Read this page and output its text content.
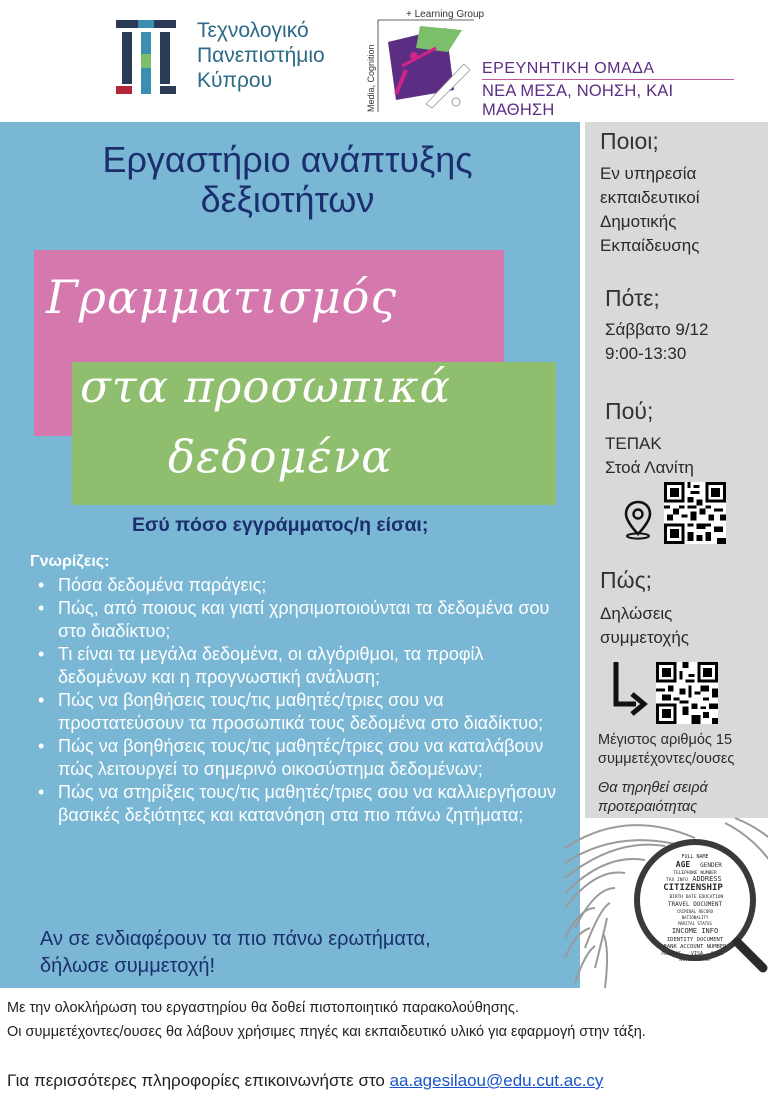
Τεχνολογικό
Πανεπιστήμιο
Κύπρου
+ Learning Group
Media, Cognition	ΕΡΕΥΝΗΤΙΚΗ ΟΜΑΔΑ
ΝΕΑ ΜΕΣΑ, ΝΟΗΣΗ, ΚΑΙ ΜΑΘΗΣΗ
Εργαστήριο ανάπτυξης
δεξιοτήτων
Γραμματισμός
στα προσωπικά
δεδομένα
Εσύ πόσο εγγράμματος/η είσαι;
Γνωρίζεις:
• Πόσα δεδομένα παράγεις;
• Πώς, από ποιους και γιατί χρησιμοποιούνται τα δεδομένα σου στο διαδίκτυο;
• Τι είναι τα μεγάλα δεδομένα, οι αλγόριθμοι, τα προφίλ δεδομένων και η προγνωστική ανάλυση;
• Πώς να βοηθήσεις τους/τις μαθητές/τριες σου να προστατεύσουν τα προσωπικά τους δεδομένα στο διαδίκτυο;
• Πώς να βοηθήσεις τους/τις μαθητές/τριες σου να καταλάβουν πώς λειτουργεί το σημερινό οικοσύστημα δεδομένων;
• Πώς να στηρίξεις τους/τις μαθητές/τριες σου να καλλιεργήσουν βασικές δεξιότητες και κατανόηση στα πιο πάνω ζητήματα;
Αν σε ενδιαφέρουν τα πιο πάνω ερωτήματα,
δήλωσε συμμετοχή!
Ποιοι;
Εν υπηρεσία
εκπαιδευτικοί
Δημοτικής
Εκπαίδευσης
Πότε;
Σάββατο 9/12
9:00-13:30
Πού;
ΤΕΠΑΚ
Στοά Λανίτη
Πώς;
Δηλώσεις
συμμετοχής
Μέγιστος αριθμός 15
συμμετέχοντες/ουσες
Θα τηρηθεί σειρά
προτεραιότητας
FULL NAME
AGE GENDER
TELEPHONE NUMBER
TAX INFO ADDRESS
CITIZENSHIP
BIRTH DATE EDUCATION
TRAVEL DOCUMENT
CRIMINAL RECORD
NATIONALITY
MARITAL STATUS
INCOME INFO
IDENTITY DOCUMENT
BANK ACCOUNT NUMBER
PASSPORT VISA FINES
MEDICAL HISTORY
Με την ολοκλήρωση του εργαστηρίου θα δοθεί πιστοποιητικό παρακολούθησης.
Οι συμμετέχοντες/ουσες θα λάβουν χρήσιμες πηγές και εκπαιδευτικό υλικό για εφαρμογή στην τάξη.
Για περισσότερες πληροφορίες επικοινωνήστε στο aa.agesilaou@edu.cut.ac.cy
